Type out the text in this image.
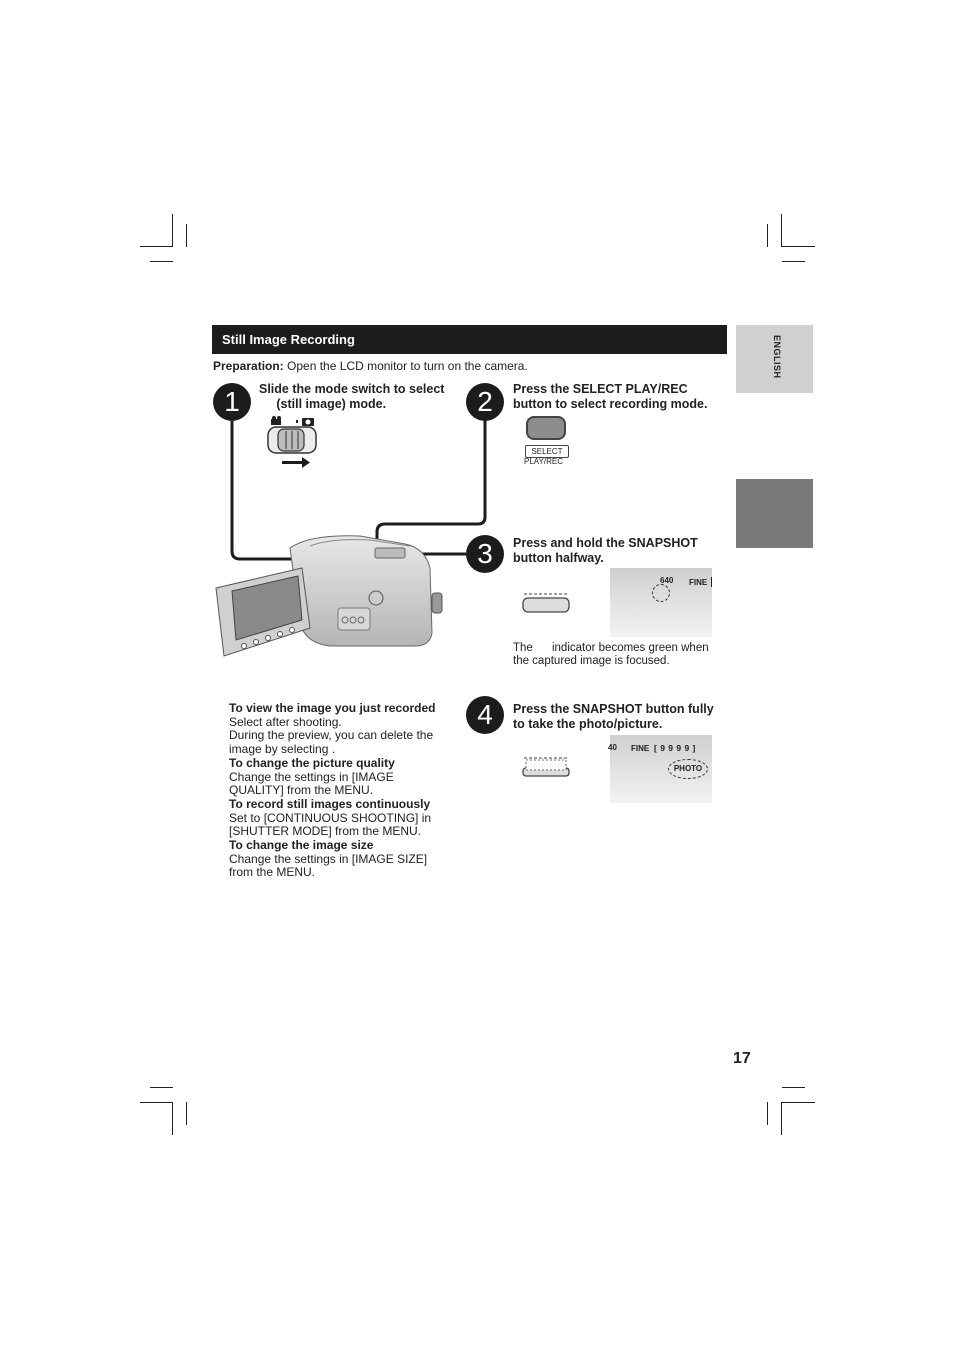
Still Image Recording
Preparation: Open the LCD monitor to turn on the camera.	ENGLISH
1	Slide the mode switch to select
(still image) mode.	2	Press the SELECT PLAY/REC
button to select recording mode.
SELECT
PLAY/REC
3	Press and hold the SNAPSHOT
button halfway.
640 FINE
The      indicator becomes green when
the captured image is focused.
4	Press the SNAPSHOT button fully
to take the photo/picture.
40 FINE [ 9 9 9 9 ]
PHOTO
To view the image you just recorded
Select after shooting.
During the preview, you can delete the
image by selecting .
To change the picture quality
Change the settings in [IMAGE
QUALITY] from the MENU.
To record still images continuously
Set to [CONTINUOUS SHOOTING] in
[SHUTTER MODE] from the MENU.
To change the image size
Change the settings in [IMAGE SIZE]
from the MENU.
17
